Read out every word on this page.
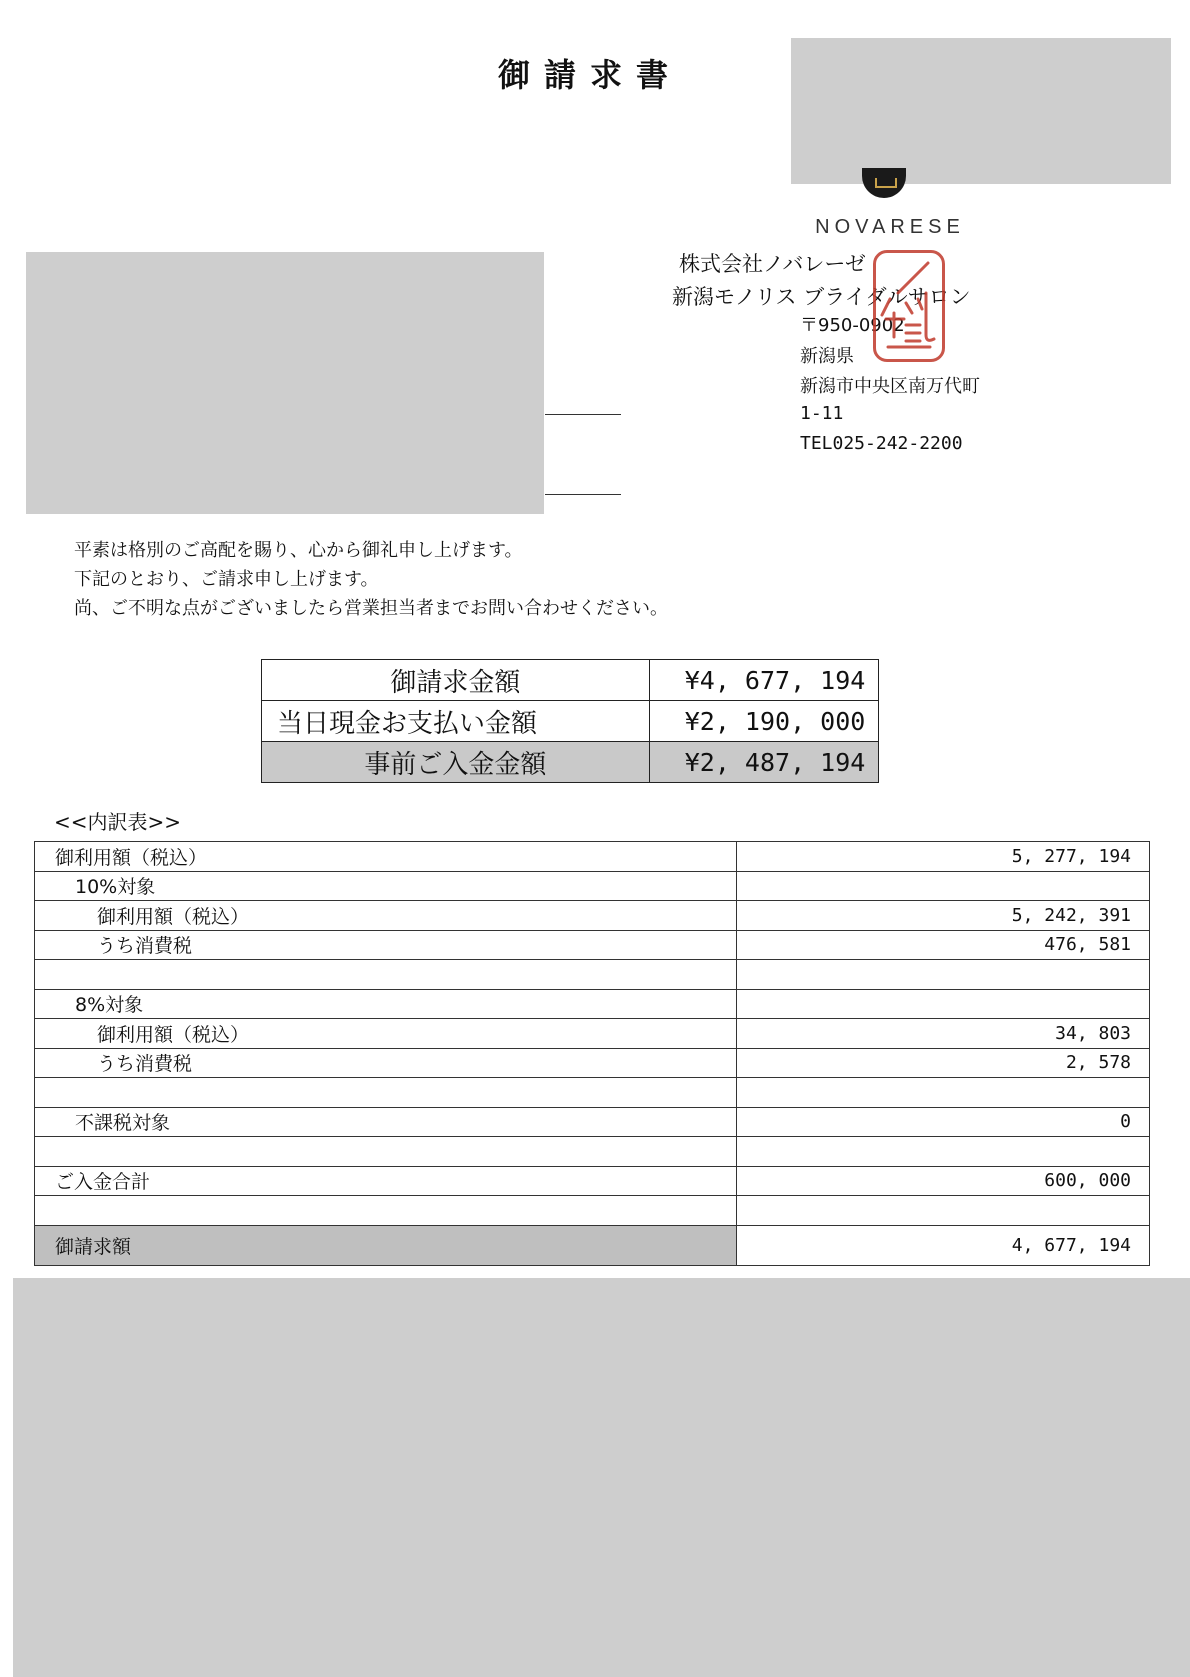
御請求書
NOVARESE
株式会社ノバレーゼ
新潟モノリス ブライダルサロン
〒950-0902
新潟県
新潟市中央区南万代町
1-11
TEL025-242-2200
平素は格別のご高配を賜り、心から御礼申し上げます。
下記のとおり、ご請求申し上げます。
尚、ご不明な点がございましたら営業担当者までお問い合わせください。
御請求金額	¥4, 677, 194
当日現金お支払い金額	¥2, 190, 000
事前ご入金金額	¥2, 487, 194
<<内訳表>>
御利用額（税込）	5, 277, 194
10%対象	
御利用額（税込）	5, 242, 391
うち消費税	476, 581

8%対象	
御利用額（税込）	34, 803
うち消費税	2, 578

不課税対象	0

ご入金合計	600, 000

御請求額	4, 677, 194
